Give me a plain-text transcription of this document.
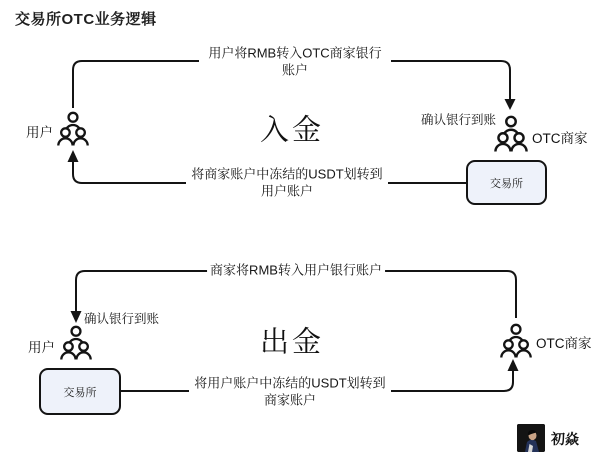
交易所OTC业务逻辑
入金
用户将RMB转入OTC商家银行账户
将商家账户中冻结的USDT划转到用户账户
用户
确认银行到账
OTC商家
交易所
出金
商家将RMB转入用户银行账户
将用户账户中冻结的USDT划转到商家账户
确认银行到账
用户	OTC商家
交易所
初焱
